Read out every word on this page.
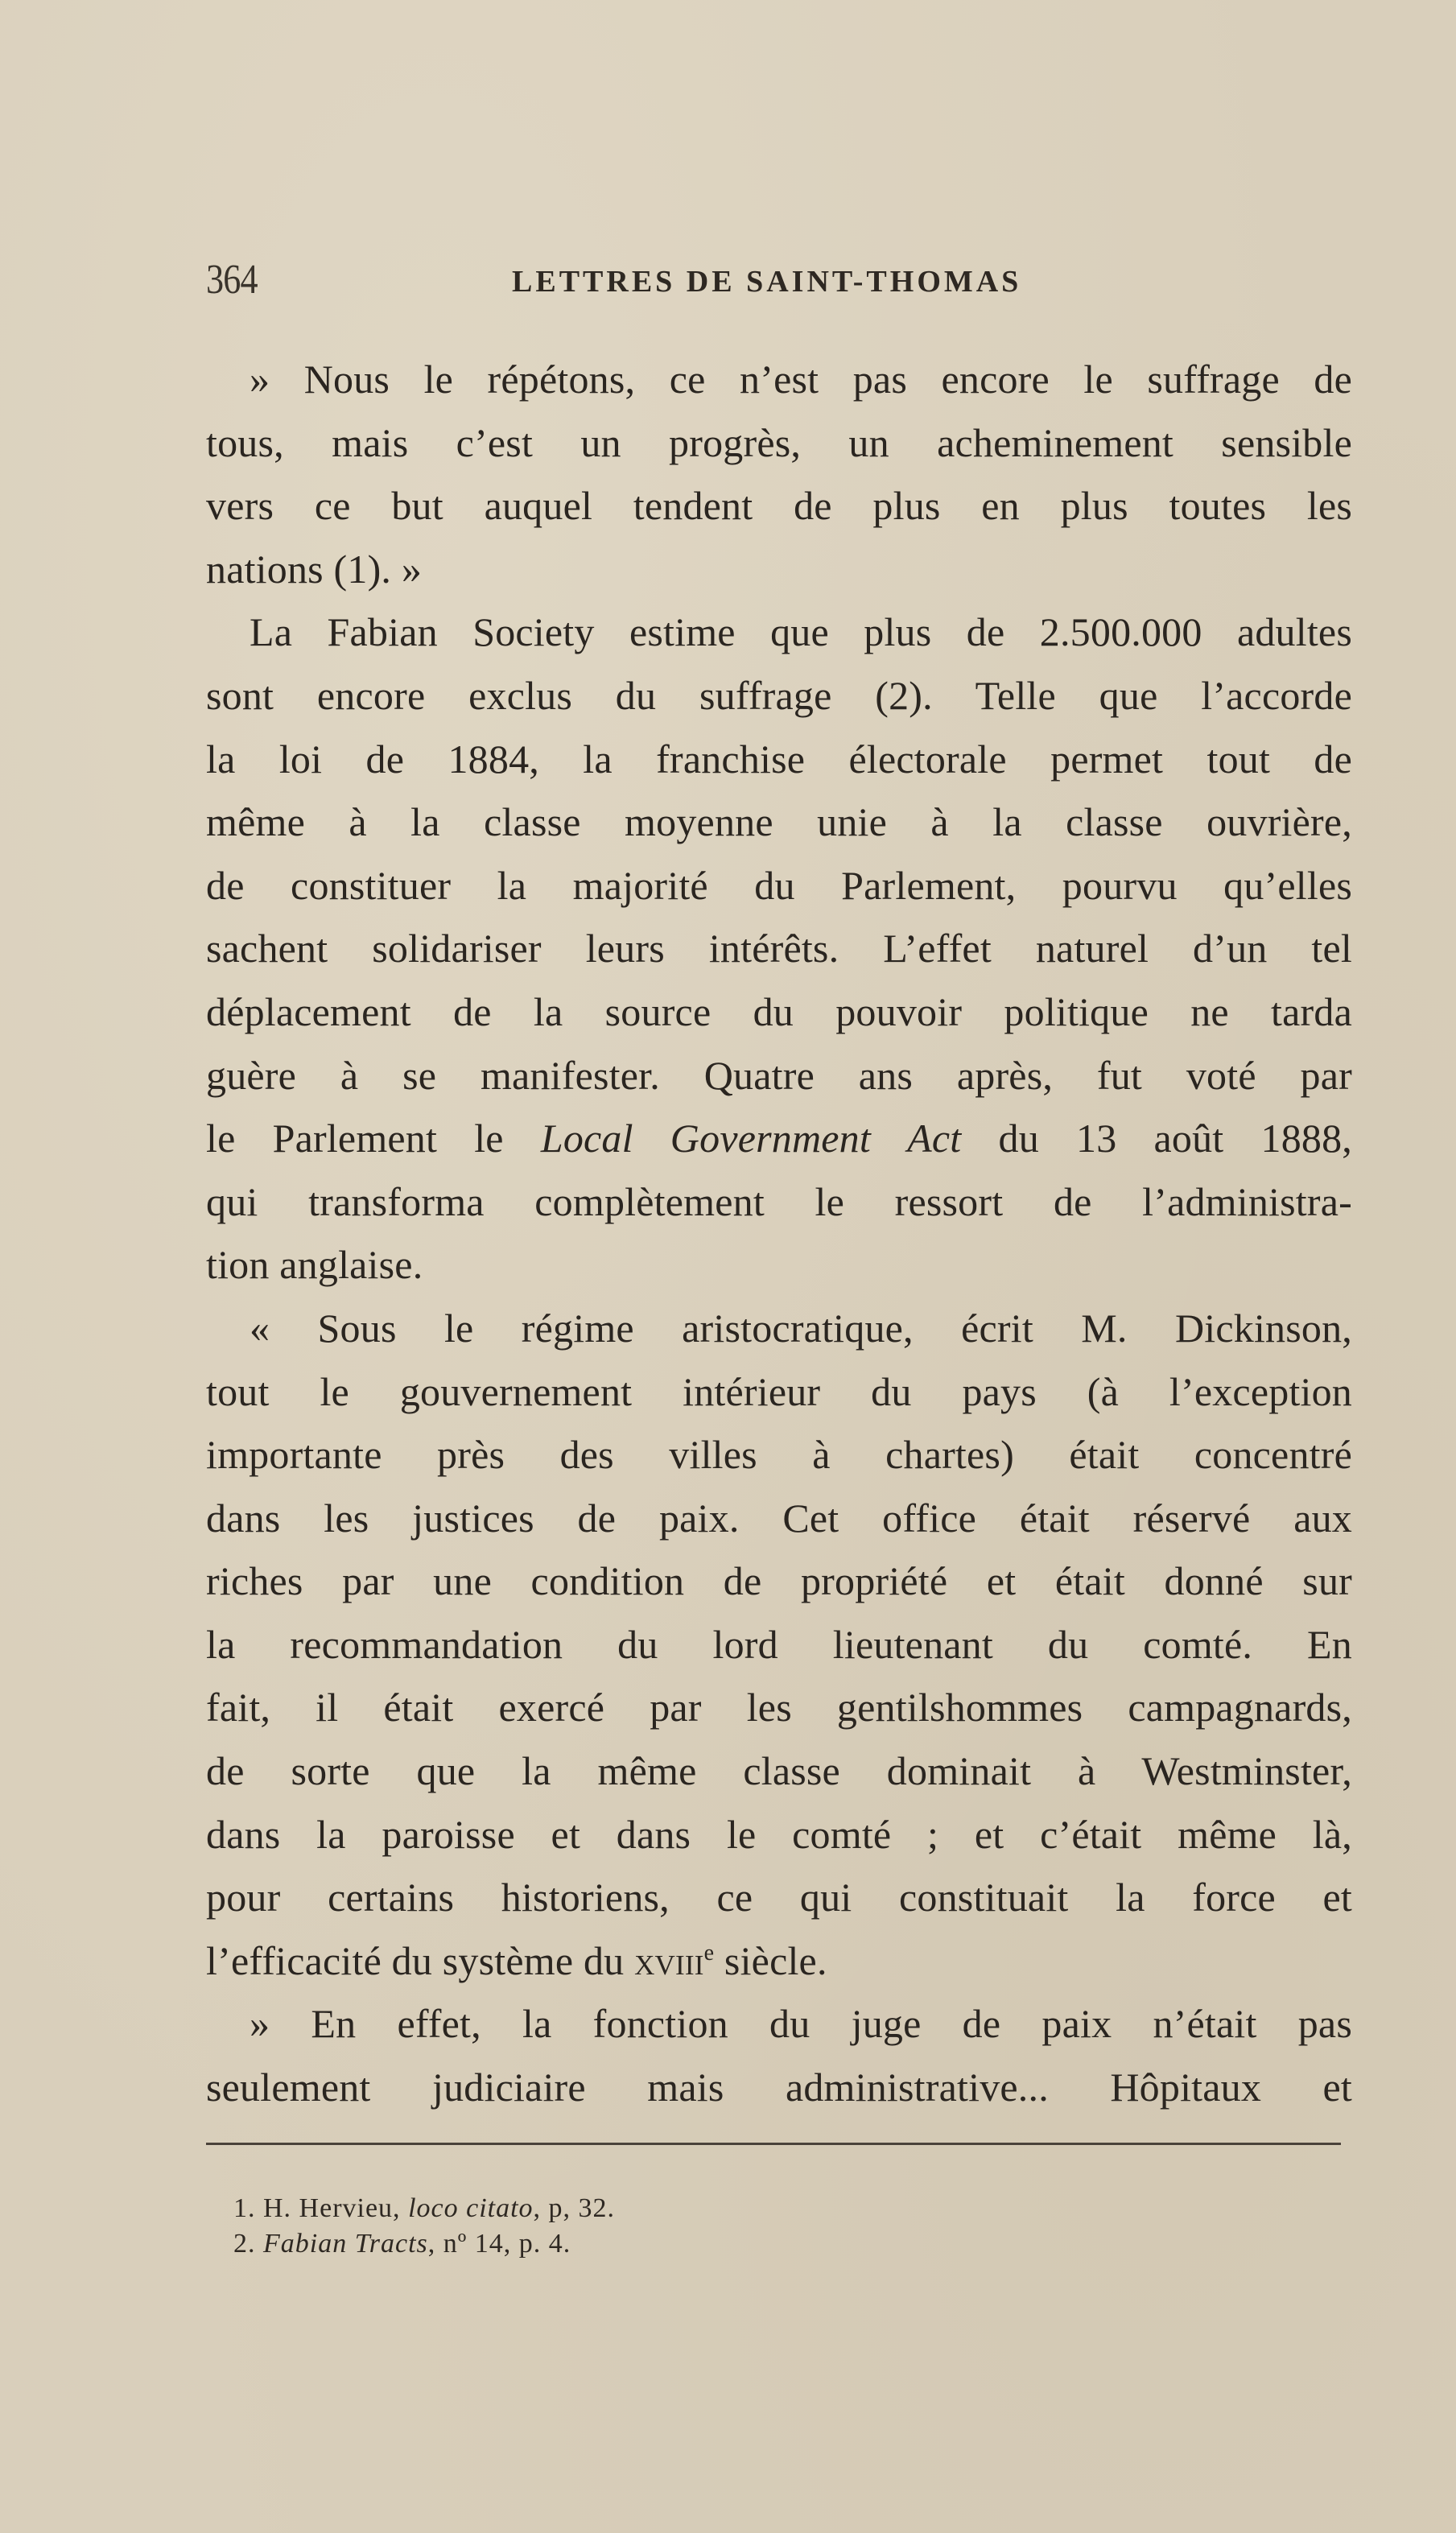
364	LETTRES DE SAINT-THOMAS
» Nous le répétons, ce n’est pas encore le suffrage de
tous, mais c’est un progrès, un acheminement sensible
vers ce but auquel tendent de plus en plus toutes les
nations (1). »
La Fabian Society estime que plus de 2.500.000 adultes
sont encore exclus du suffrage (2). Telle que l’accorde
la loi de 1884, la franchise électorale permet tout de
même à la classe moyenne unie à la classe ouvrière,
de constituer la majorité du Parlement, pourvu qu’elles
sachent solidariser leurs intérêts. L’effet naturel d’un tel
déplacement de la source du pouvoir politique ne tarda
guère à se manifester. Quatre ans après, fut voté par
le Parlement le Local Government Act du 13 août 1888,
qui transforma complètement le ressort de l’administra-
tion anglaise.
« Sous le régime aristocratique, écrit M. Dickinson,
tout le gouvernement intérieur du pays (à l’exception
importante près des villes à chartes) était concentré
dans les justices de paix. Cet office était réservé aux
riches par une condition de propriété et était donné sur
la recommandation du lord lieutenant du comté. En
fait, il était exercé par les gentilshommes campagnards,
de sorte que la même classe dominait à Westminster,
dans la paroisse et dans le comté ; et c’était même là,
pour certains historiens, ce qui constituait la force et
l’efficacité du système du xviii$^e$ siècle.
» En effet, la fonction du juge de paix n’était pas
seulement judiciaire mais administrative... Hôpitaux et
1. H. Hervieu, loco citato, p, 32.
2. Fabian Tracts, nº 14, p. 4.
